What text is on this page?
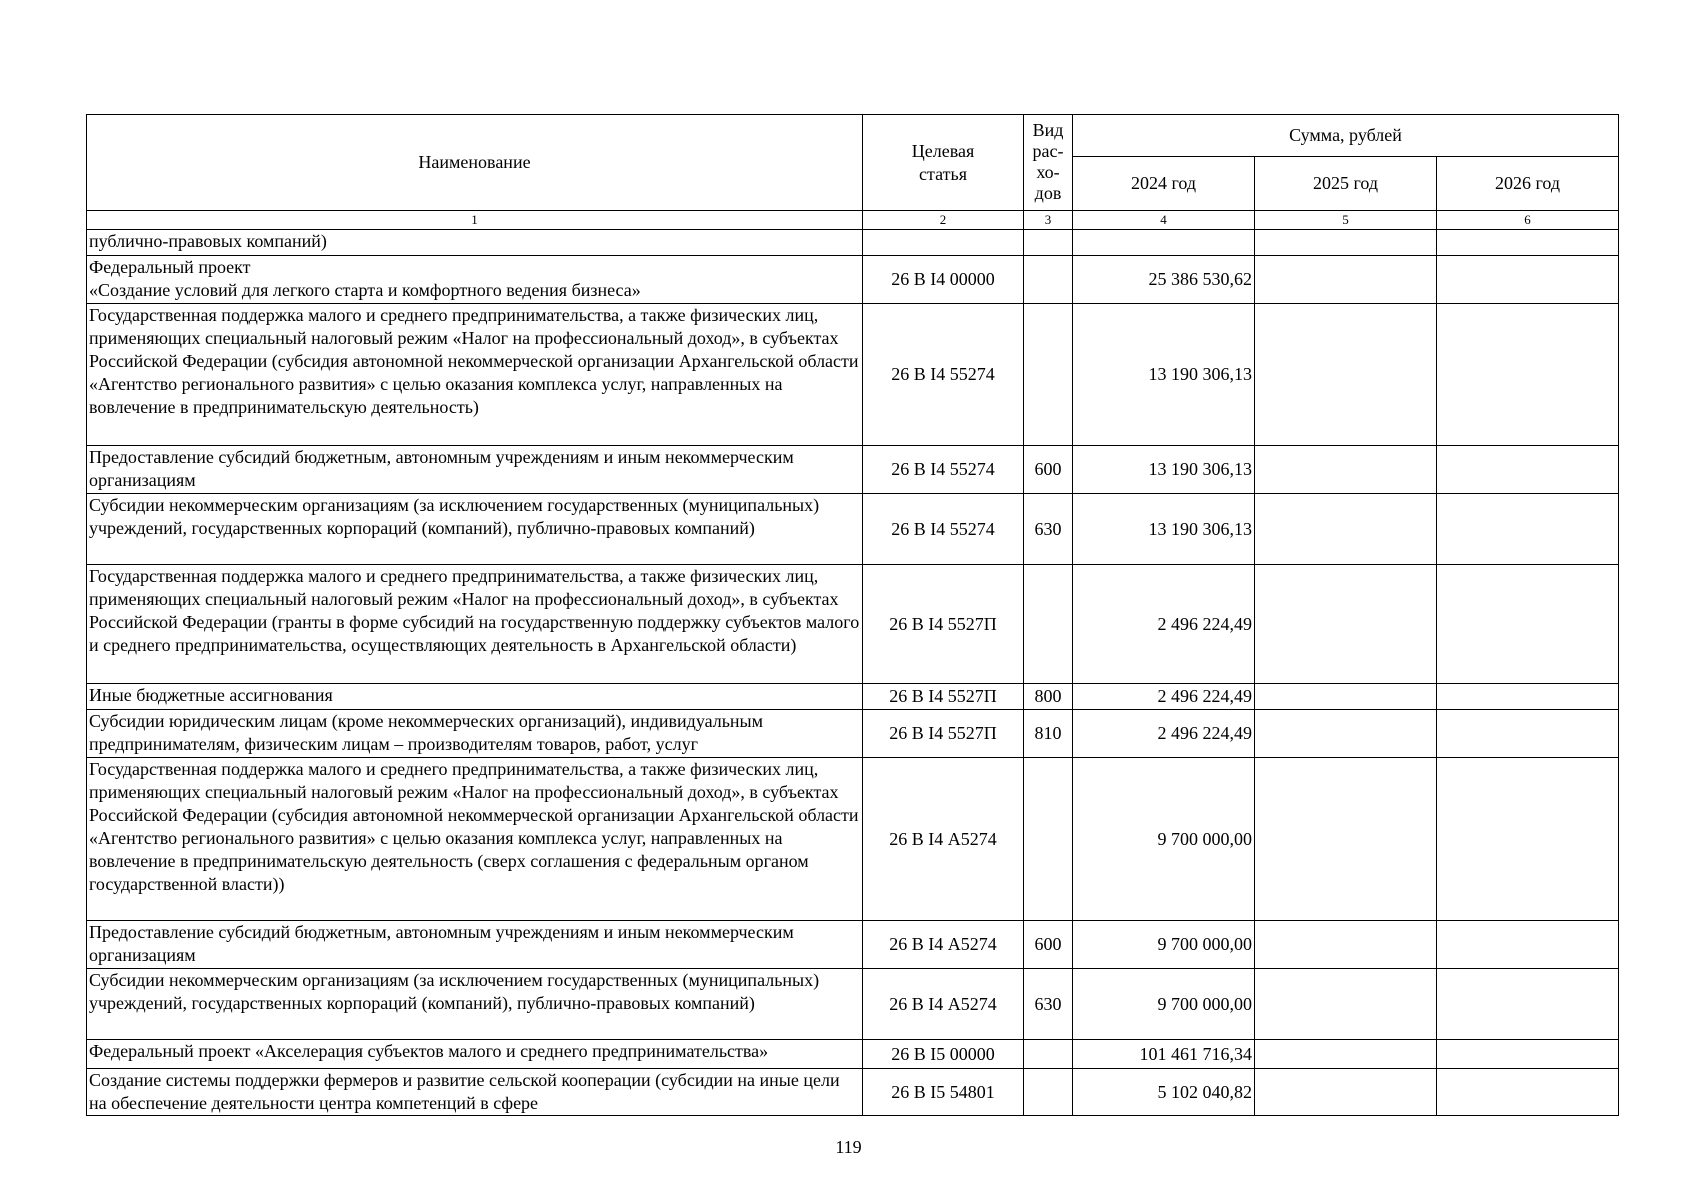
Наименование	Целевая статья	Вид рас-хо-дов	Сумма, рублей		
			2024 год	2025 год	2026 год
1	2	3	4	5	6
публично-правовых компаний)					
Федеральный проект
«Создание условий для легкого старта и комфортного ведения бизнеса»	26 В I4 00000		25 386 530,62		
Государственная поддержка малого и среднего предпринимательства, а также физических лиц, применяющих специальный налоговый режим «Налог на профессиональный доход», в субъектах Российской Федерации (субсидия автономной некоммерческой организации Архангельской области «Агентство регионального развития» с целью оказания комплекса услуг, направленных на вовлечение в предпринимательскую деятельность)	26 В I4 55274		13 190 306,13		
Предоставление субсидий бюджетным, автономным учреждениям и иным некоммерческим организациям	26 В I4 55274	600	13 190 306,13		
Субсидии некоммерческим организациям (за исключением государственных (муниципальных) учреждений, государственных корпораций (компаний), публично-правовых компаний)	26 В I4 55274	630	13 190 306,13		
Государственная поддержка малого и среднего предпринимательства, а также физических лиц, применяющих специальный налоговый режим «Налог на профессиональный доход», в субъектах Российской Федерации (гранты в форме субсидий на государственную поддержку субъектов малого и среднего предпринимательства, осуществляющих деятельность в Архангельской области)	26 В I4 5527П		2 496 224,49		
Иные бюджетные ассигнования	26 В I4 5527П	800	2 496 224,49		
Субсидии юридическим лицам (кроме некоммерческих организаций), индивидуальным предпринимателям, физическим лицам – производителям товаров, работ, услуг	26 В I4 5527П	810	2 496 224,49		
Государственная поддержка малого и среднего предпринимательства, а также физических лиц, применяющих специальный налоговый режим «Налог на профессиональный доход», в субъектах Российской Федерации (субсидия автономной некоммерческой организации Архангельской области «Агентство регионального развития» с целью оказания комплекса услуг, направленных на вовлечение в предпринимательскую деятельность (сверх соглашения с федеральным органом государственной власти))	26 В I4 А5274		9 700 000,00		
Предоставление субсидий бюджетным, автономным учреждениям и иным некоммерческим организациям	26 В I4 А5274	600	9 700 000,00		
Субсидии некоммерческим организациям (за исключением государственных (муниципальных) учреждений, государственных корпораций (компаний), публично-правовых компаний)	26 В I4 А5274	630	9 700 000,00		
Федеральный проект «Акселерация субъектов малого и среднего предпринимательства»	26 В I5 00000		101 461 716,34		
Создание системы поддержки фермеров и развитие сельской кооперации (субсидии на иные цели на обеспечение деятельности центра компетенций в сфере	26 В I5 54801		5 102 040,82		
119
